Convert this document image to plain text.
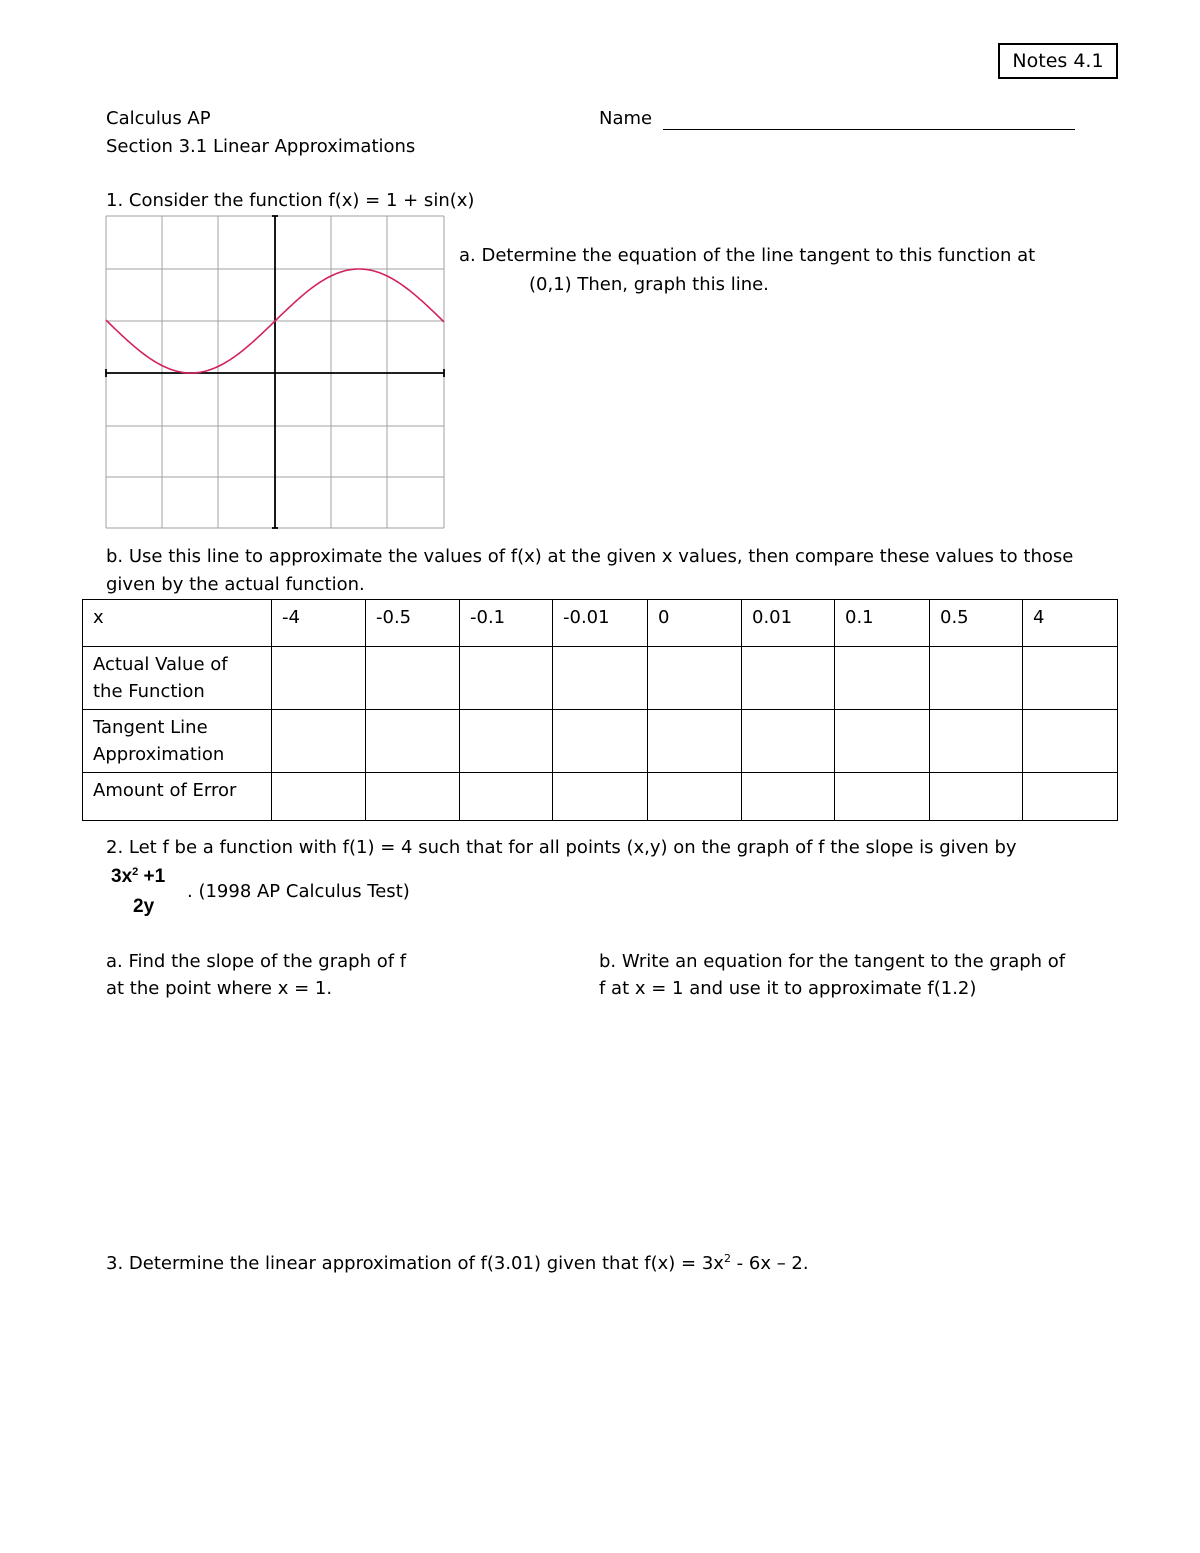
Notes 4.1
Calculus AP
Section 3.1 Linear Approximations
Name
1. Consider the function f(x) = 1 + sin(x)
a. Determine the equation of the line tangent to this function at
(0,1) Then, graph this line.
b. Use this line to approximate the values of f(x) at the given x values, then compare these values to those
given by the actual function.
x	-4	-0.5	-0.1	-0.01	0	0.01	0.1	0.5	4
Actual Value of the Function									
Tangent Line Approximation									
Amount of Error									
2. Let f be a function with f(1) = 4 such that for all points (x,y) on the graph of f the slope is given by
$3x^2 +1$
2y
. (1998 AP Calculus Test)
a. Find the slope of the graph of f
at the point where x = 1.
b. Write an equation for the tangent to the graph of
f at x = 1 and use it to approximate f(1.2)
3. Determine the linear approximation of f(3.01) given that $f(x) = 3x^2 - 6x - 2$.
